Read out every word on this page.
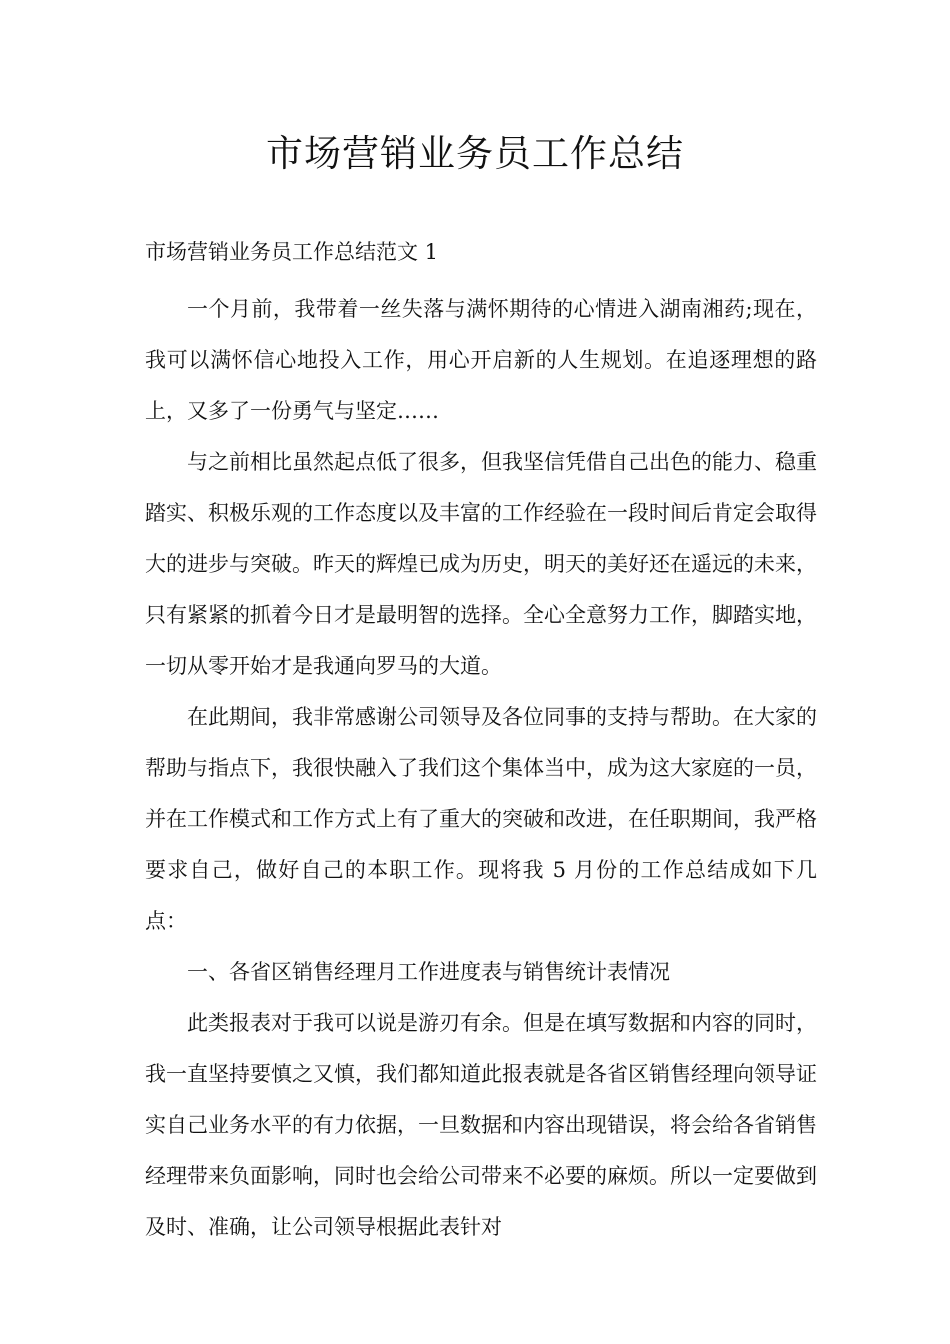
市场营销业务员工作总结

市场营销业务员工作总结范文 1

一个月前，我带着一丝失落与满怀期待的心情进入湖南湘药;现在，我可以满怀信心地投入工作，用心开启新的人生规划。在追逐理想的路上，又多了一份勇气与坚定……

与之前相比虽然起点低了很多，但我坚信凭借自己出色的能力、稳重踏实、积极乐观的工作态度以及丰富的工作经验在一段时间后肯定会取得大的进步与突破。昨天的辉煌已成为历史，明天的美好还在遥远的未来，只有紧紧的抓着今日才是最明智的选择。全心全意努力工作，脚踏实地，一切从零开始才是我通向罗马的大道。

在此期间，我非常感谢公司领导及各位同事的支持与帮助。在大家的帮助与指点下，我很快融入了我们这个集体当中，成为这大家庭的一员，并在工作模式和工作方式上有了重大的突破和改进，在任职期间，我严格要求自己，做好自己的本职工作。现将我 5 月份的工作总结成如下几点：

一、各省区销售经理月工作进度表与销售统计表情况

此类报表对于我可以说是游刃有余。但是在填写数据和内容的同时，我一直坚持要慎之又慎，我们都知道此报表就是各省区销售经理向领导证实自己业务水平的有力依据，一旦数据和内容出现错误，将会给各省销售经理带来负面影响，同时也会给公司带来不必要的麻烦。所以一定要做到及时、准确，让公司领导根据此表针对
